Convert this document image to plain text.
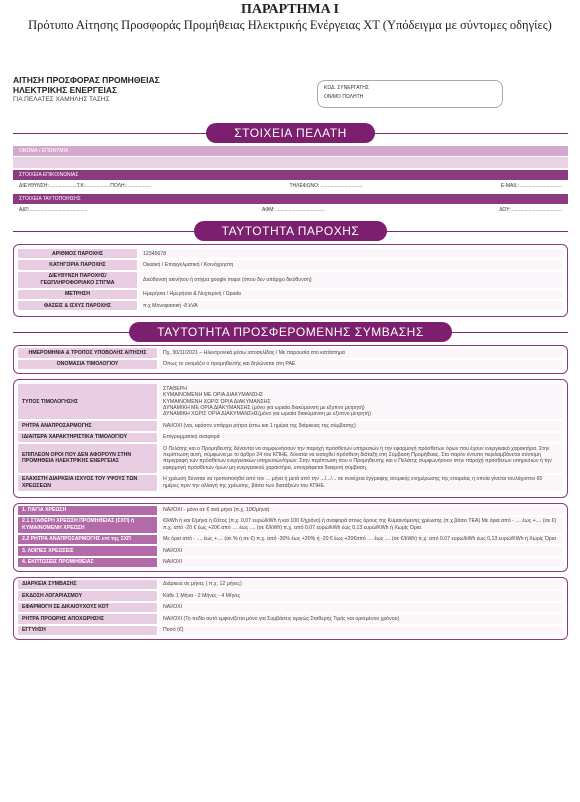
ΠΑΡΑΡΤΗΜΑ Ι
Πρότυπο Αίτησης Προσφοράς Προμήθειας Ηλεκτρικής Ενέργειας ΧΤ (Υπόδειγμα με σύντομες οδηγίες)
ΑΙΤΗΣΗ ΠΡΟΣΦΟΡΑΣ ΠΡΟΜΗΘΕΙΑΣ
ΗΛΕΚΤΡΙΚΗΣ ΕΝΕΡΓΕΙΑΣ
ΓΙΑ ΠΕΛΑΤΕΣ ΧΑΜΗΛΗΣ ΤΑΣΗΣ
ΚΩΔ. ΣΥΝΕΡΓΑΤΗΣ
ΟΝ/ΜΟ ΠΩΛΗΤΗ
ΣΤΟΙΧΕΙΑ ΠΕΛΑΤΗ
ΟΝΟΜΑ / ΕΠΩΝΥΜΙΑ
ΣΤΟΙΧΕΙΑ ΕΠΙΚΟΙΝΩΝΙΑΣ
ΔΙΕΥΘΥΝΣΗ:....................Τ.Κ:..................ΠΟΛΗ:..................	ΤΗΛΕΦΩΝΟ: ..............................	E-MAIL: ..............................
ΣΤΟΙΧΕΙΑ ΤΑΥΤΟΠΟΙΗΣΗΣ
ΑΔΤ:..........................................	ΑΦΜ: ...................................	ΔΟΥ: ....................................
ΤΑΥΤΟΤΗΤΑ ΠΑΡΟΧΗΣ
ΑΡΙΘΜΟΣ ΠΑΡΟΧΗΣ	12345678
ΚΑΤΗΓΟΡΙΑ ΠΑΡΟΧΗΣ	Οικιακή / Επαγγελματική / Κοινόχρηστη
ΔΙΕΥΘΥΝΣΗ ΠΑΡΟΧΗΣ/ ΓΕΩΠΛΗΡΟΦΟΡΙΑΚΟ ΣΤΙΓΜΑ	Διεύθυνση ακινήτου ή στίγμα google maps (όπου δεν υπάρχει διεύθυνση)
ΜΕΤΡΗΣΗ	Ημερήσια / Ημερήσια & Νυχτερινή / Ωριαία
ΦΑΣΕΙΣ & ΙΣΧΥΣ ΠΑΡΟΧΗΣ	π.χ Μονοφασική -8 kVA
ΤΑΥΤΟΤΗΤΑ ΠΡΟΣΦΕΡΟΜΕΝΗΣ ΣΥΜΒΑΣΗΣ
ΗΜΕΡΟΜΗΝΙΑ & ΤΡΟΠΟΣ ΥΠΟΒΟΛΗΣ ΑΙΤΗΣΗΣ	Πχ. 30/11/2021 – Ηλεκτρονικά μέσω ιστοσελίδας / Με παρουσία στο κατάστημα
ΟΝΟΜΑΣΙΑ ΤΙΜΟΛΟΓΙΟΥ	Όπως το ονομάζει ο προμηθευτής και δηλώνεται στη ΡΑΕ
ΤΥΠΟΣ ΤΙΜΟΛΟΓΗΣΗΣ	ΣΤΑΘΕΡΗ
ΚΥΜΑΙΝΟΜΕΝΗ ΜΕ ΟΡΙΑ ΔΙΑΚΥΜΑΝΣΗΣ
ΚΥΜΑΙΝΟΜΕΝΗ ΧΩΡΙΣ ΟΡΙΑ ΔΙΑΚΥΜΑΝΣΗΣ
ΔΥΝΑΜΙΚΗ ΜΕ ΟΡΙΑ ΔΙΑΚΥΜΑΝΣΗΣ (μόνο για ωριαία διακύμανση με εξυπνο μετρητή)
ΔΥΝΑΜΙΚΗ ΧΩΡΙΣ ΟΡΙΑ ΔΙΑΚΥΜΑΝΣΗΣ(μόνο για ωριαία διακύμανση με εξυπνο μετρητή)
ΡΗΤΡΑ ΑΝΑΠΡΟΣΑΡΜΟΓΗΣ	ΝΑΙ/ΟΧΙ (ναι, εφόσον υπάρχει ρήτρα έστω και 1 ημέρα της διάρκειας της σύμβασης)
ΙΔΙΑΙΤΕΡΑ ΧΑΡΑΚΤΗΡΙΣΤΙΚΑ ΤΙΜΟΛΟΓΙΟΥ	Επιγραμματική αναφορά
ΕΠΙΠΛΕΟΝ ΟΡΟΙ ΠΟΥ ΔΕΝ ΑΦΟΡΟΥΝ ΣΤΗΝ ΠΡΟΜΗΘΕΙΑ ΗΛΕΚΤΡΙΚΗΣ ΕΝΕΡΓΕΙΑΣ	Ο Πελάτης και ο Προμηθευτής δύνανται να συμφωνήσουν την παροχή πρόσθετων υπηρεσιών ή την εφαρμογή πρόσθετων όρων που έχουν ενεργειακό χαρακτήρα. Στην περίπτωση αυτή, σύμφωνα με το άρθρο 24 του ΚΠΗΕ, δύναται να εισαχθεί πρόσθετη διάταξη στη Σύμβαση Προμήθειας. Στο παρόν έντυπο περιλαμβάνεται σύντομη περιγραφή των πρόσθετων ενεργειακών υπηρεσιών/όρων. Στην περίπτωση που ο Προμηθευτής και ο Πελάτης συμφωνήσουν στην παροχή πρόσθετων υπηρεσιών ή την εφαρμογή πρόσθετων όρων μη-ενεργειακού χαρακτήρα, υπογράφεται διακριτή σύμβαση.
ΕΛΑΧΙΣΤΗ ΔΙΑΡΚΕΙΑ ΙΣΧΥΟΣ ΤΟΥ ΥΨΟΥΣ ΤΩΝ ΧΡΕΩΣΕΩΝ	Η χρέωση δύναται να τροποποιηθεί από τον ... μήνα ή μετά από την .../.../... σε συνέχεια έγγραφης ατομικής ενημέρωσης της εταιρείας η οποία γίνεται τουλάχιστον 60 ημέρες πριν την αλλαγή της χρέωσης, βάσει των διατάξεων του ΚΠΗΕ.
1. ΠΑΓΙΑ ΧΡΕΩΣΗ	ΝΑΙ/ΟΧΙ - μόνο σε € ανά μήνα (π.χ. 10€/μήνα)
2.1 ΣΤΑΘΕΡΗ ΧΡΕΩΣΗ ΠΡΟΜΗΘΕΙΑΣ (ΣΧΠ) ή ΚΥΜΑΙΝΟΜΕΝΗ ΧΡΕΩΣΗ	€/kWh ή και €/μήνα ή €/έτος (π.χ. 0,07 ευρώ/kWh ή και 100 €/χρόνο) ή αναφορά στους όρους της Κυμαινόμενης χρέωσης (π.χ βάσει ΤΕΑ) Με όρια από - .... έως +.... (σε €) π.χ. από -20 € έως +20€ από .... έως .... (σε €/kWh) π.χ. από 0,07 ευρώ/kWh έως 0,13 ευρώ/KWh ή Χωρίς Όρια
2.2 ΡΗΤΡΑ ΑΝΑΠΡΟΣΑΡΜΟΓΗΣ επί της ΣΧΠ	Με όρια από - .... έως +.... (σε % ή σε €) π.χ. από -30% έως +30% ή -20 € έως +20€από .... έως .... (σε €/kWh) π.χ. από 0,07 ευρώ/kWh έως 0,13 ευρώ/KWh ή Χωρίς Όρια
3. ΛΟΙΠΕΣ ΧΡΕΩΣΕΙΣ	ΝΑΙ/ΟΧΙ
4. ΕΚΠΤΩΣΕΙΣ ΠΡΟΜΗΘΕΙΑΣ	ΝΑΙ/ΟΧΙ
ΔΙΑΡΚΕΙΑ ΣΥΜΒΑΣΗΣ	Διάρκεια σε μήνες ( π.χ. 12 μήνες)
ΕΚΔΟΣΗ ΛΟΓΑΡΙΑΣΜΟΥ	Κάθε 1 Μήνα - 2 Μήνες - 4 Μήνες
ΕΦΑΡΜΟΓΗ ΣΕ ΔΙΚΑΙΟΥΧΟΥΣ ΚΟΤ	ΝΑΙ/ΟΧΙ
ΡΗΤΡΑ ΠΡΟΩΡΗΣ ΑΠΟΧΩΡΗΣΗΣ	ΝΑΙ/ΟΧΙ (Το πεδίο αυτό εμφανίζεται μόνο για Συμβάσεις αμιγώς Σταθερής Τιμής και ορισμένου χρόνου)
ΕΓΓΥΗΣΗ	Ποσό (€)
